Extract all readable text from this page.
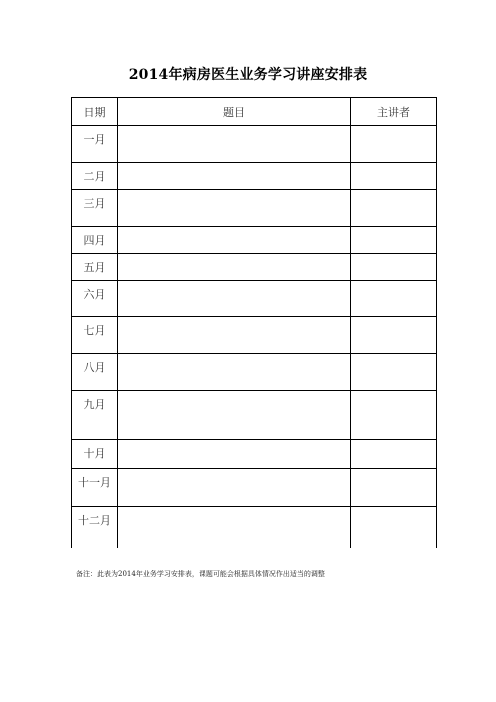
2014年病房医生业务学习讲座安排表
日期	题目	主讲者
一月		
二月		
三月		
四月		
五月		
六月		
七月		
八月		
九月		
十月		
十一月		
十二月		
备注：此表为2014年业务学习安排表，课题可能会根据具体情况作出适当的调整
